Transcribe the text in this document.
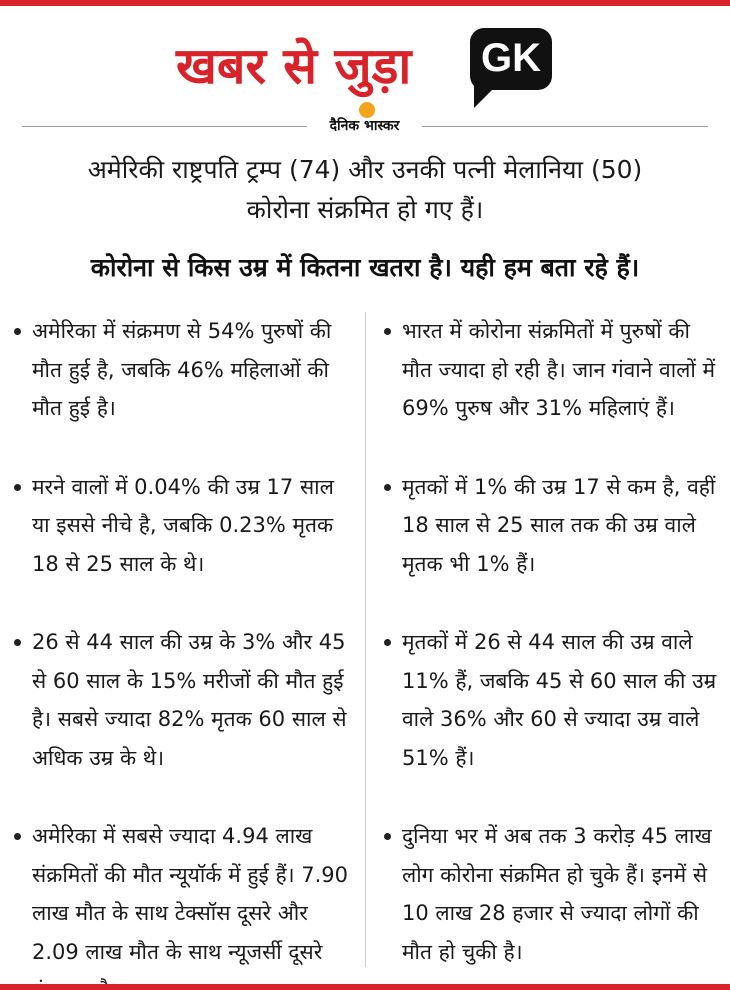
खबर से जुड़ा GK
दैनिक भास्कर
अमेरिकी राष्ट्रपति ट्रम्प (74) और उनकी पत्नी मेलानिया (50)
कोरोना संक्रमित हो गए हैं।
कोरोना से किस उम्र में कितना खतरा है। यही हम बता रहे हैं।
अमेरिका में संक्रमण से 54% पुरुषों की मौत हुई है, जबकि 46% महिलाओं की मौत हुई है।
मरने वालों में 0.04% की उम्र 17 साल या इससे नीचे है, जबकि 0.23% मृतक 18 से 25 साल के थे।
26 से 44 साल की उम्र के 3% और 45 से 60 साल के 15% मरीजों की मौत हुई है। सबसे ज्यादा 82% मृतक 60 साल से अधिक उम्र के थे।
अमेरिका में सबसे ज्यादा 4.94 लाख संक्रमितों की मौत न्यूयॉर्क में हुई हैं। 7.90 लाख मौत के साथ टेक्सॉस दूसरे और 2.09 लाख मौत के साथ न्यूजर्सी दूसरे
भारत में कोरोना संक्रमितों में पुरुषों की मौत ज्यादा हो रही है। जान गंवाने वालों में 69% पुरुष और 31% महिलाएं हैं।
मृतकों में 1% की उम्र 17 से कम है, वहीं 18 साल से 25 साल तक की उम्र वाले मृतक भी 1% हैं।
मृतकों में 26 से 44 साल की उम्र वाले 11% हैं, जबकि 45 से 60 साल की उम्र वाले 36% और 60 से ज्यादा उम्र वाले 51% हैं।
दुनिया भर में अब तक 3 करोड़ 45 लाख लोग कोरोना संक्रमित हो चुके हैं। इनमें से 10 लाख 28 हजार से ज्यादा लोगों की मौत हो चुकी है।
